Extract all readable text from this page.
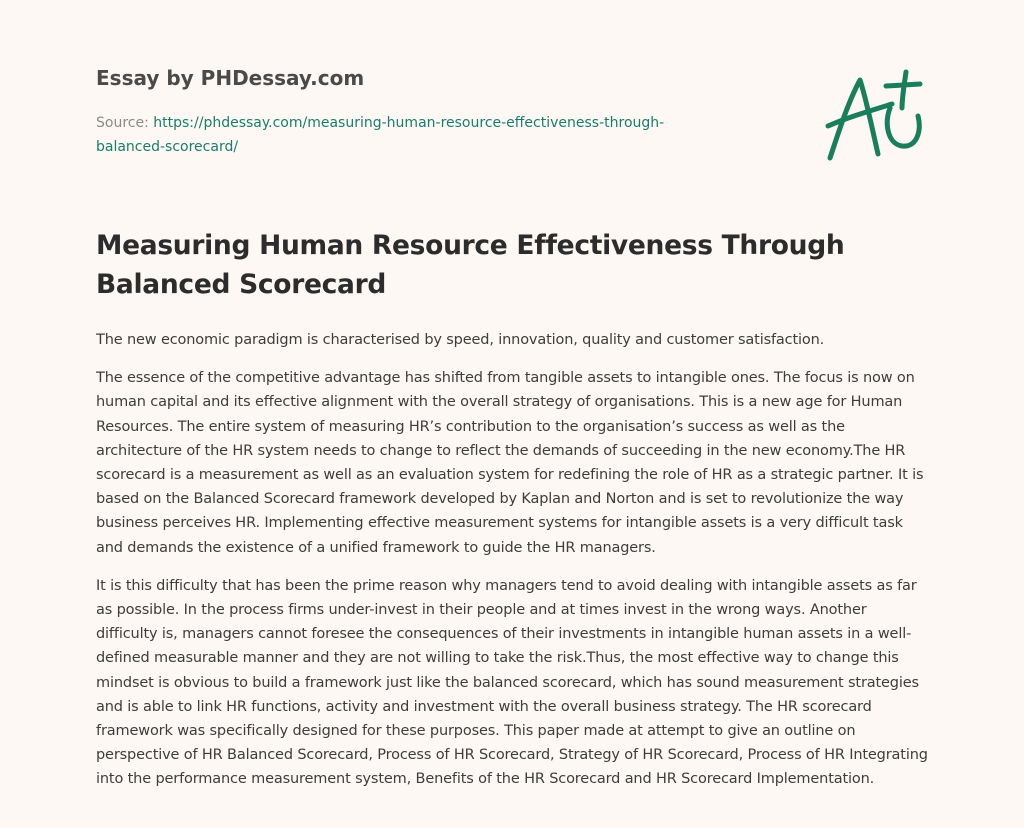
Essay by PHDessay.com
Source: https://phdessay.com/measuring-human-resource-effectiveness-through-
balanced-scorecard/
Measuring Human Resource Effectiveness Through Balanced Scorecard

The new economic paradigm is characterised by speed, innovation, quality and customer satisfaction.

The essence of the competitive advantage has shifted from tangible assets to intangible ones. The focus is now on human capital and its effective alignment with the overall strategy of organisations. This is a new age for Human Resources. The entire system of measuring HR’s contribution to the organisation’s success as well as the architecture of the HR system needs to change to reflect the demands of succeeding in the new economy.The HR scorecard is a measurement as well as an evaluation system for redefining the role of HR as a strategic partner. It is based on the Balanced Scorecard framework developed by Kaplan and Norton and is set to revolutionize the way business perceives HR. Implementing effective measurement systems for intangible assets is a very difficult task and demands the existence of a unified framework to guide the HR managers.

It is this difficulty that has been the prime reason why managers tend to avoid dealing with intangible assets as far as possible. In the process firms under-invest in their people and at times invest in the wrong ways. Another difficulty is, managers cannot foresee the consequences of their investments in intangible human assets in a well-defined measurable manner and they are not willing to take the risk.Thus, the most effective way to change this mindset is obvious to build a framework just like the balanced scorecard, which has sound measurement strategies and is able to link HR functions, activity and investment with the overall business strategy. The HR scorecard framework was specifically designed for these purposes. This paper made at attempt to give an outline on perspective of HR Balanced Scorecard, Process of HR Scorecard, Strategy of HR Scorecard, Process of HR Integrating into the performance measurement system, Benefits of the HR Scorecard and HR Scorecard Implementation.
